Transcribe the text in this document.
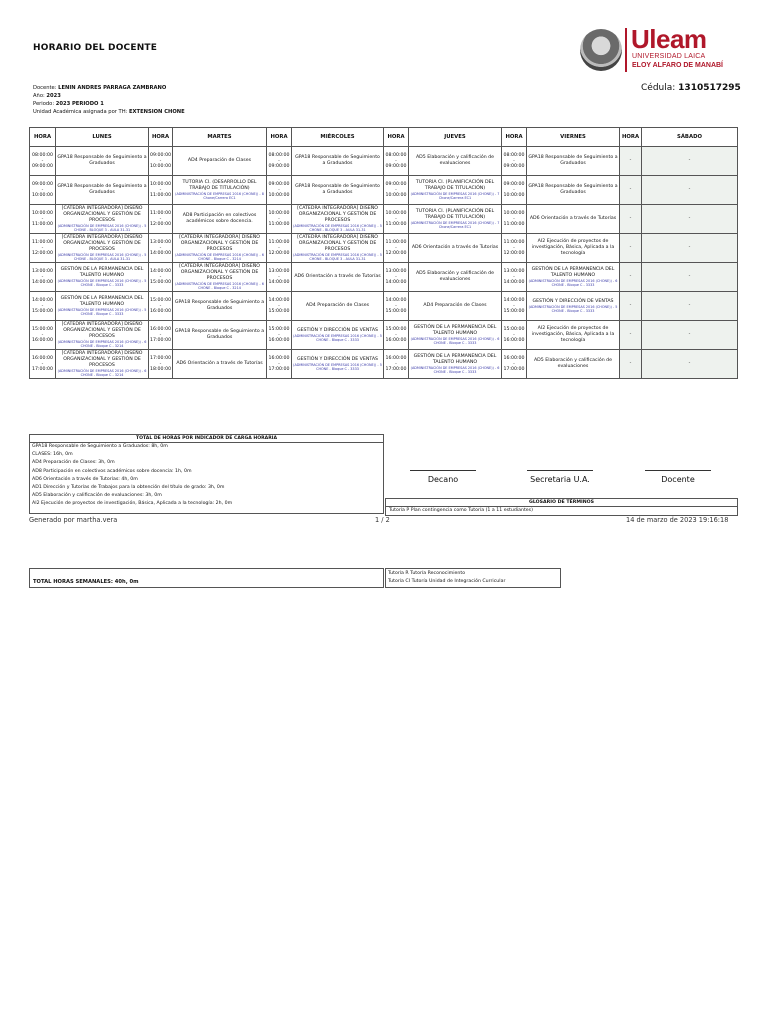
HORARIO DEL DOCENTE	Uleam
UNIVERSIDAD LAICA
ELOY ALFARO DE MANABÍ
Docente: LENIN ANDRES PARRAGA ZAMBRANO
Año: 2023
Periodo: 2023 PERIODO 1
Unidad Académica asignada por TH: EXTENSION CHONE
Cédula: 1310517295
HORA	LUNES	HORA	MARTES	HORA	MIÉRCOLES	HORA	JUEVES	HORA	VIERNES	HORA	SÁBADO

08:00:00
-
09:00:00	GPA18 Responsable de Seguimiento a Graduados	09:00:00
-
10:00:00	AD4 Preparación de Clases	08:00:00
-
09:00:00	GPA18 Responsable de Seguimiento a Graduados	08:00:00
-
09:00:00	AD5 Elaboración y calificación de evaluaciones	08:00:00
-
09:00:00	GPA18 Responsable de Seguimiento a Graduados	-	-

09:00:00
-
10:00:00	GPA18 Responsable de Seguimiento a Graduados	10:00:00
-
11:00:00	TUTORIA CI. (DESARROLLO DEL TRABAJO DE TITULACIÓN)
(ADMINISTRACIÓN DE EMPRESAS 2016 (CHONE)) - 8
Chone/Carrera EC1	09:00:00
-
10:00:00	GPA18 Responsable de Seguimiento a Graduados	09:00:00
-
10:00:00	TUTORIA CI. (PLANIFICACIÓN DEL TRABAJO DE TITULACIÓN)
(ADMINISTRACIÓN DE EMPRESAS 2016 (CHONE)) - 7
Chone/Carrera EC1	09:00:00
-
10:00:00	GPA18 Responsable de Seguimiento a Graduados	-	-

10:00:00
-
11:00:00	[CATEDRA INTEGRADORA] DISEÑO ORGANIZACIONAL Y GESTIÓN DE PROCESOS
(ADMINISTRACIÓN DE EMPRESAS 2016 (CHONE)) - 5
CHONE - BLOQUE 3 - AULA 31-31	11:00:00
-
12:00:00	AD8 Participación en colectivos académicos sobre docencia.	10:00:00
-
11:00:00	[CATEDRA INTEGRADORA] DISEÑO ORGANIZACIONAL Y GESTIÓN DE PROCESOS
(ADMINISTRACIÓN DE EMPRESAS 2016 (CHONE)) - 5
CHONE - BLOQUE 3 - AULA 31-31	10:00:00
-
11:00:00	TUTORIA CI. (PLANIFICACIÓN DEL TRABAJO DE TITULACIÓN)
(ADMINISTRACIÓN DE EMPRESAS 2016 (CHONE)) - 7
Chone/Carrera EC1	10:00:00
-
11:00:00	AD6 Orientación a través de Tutorías	-	-

11:00:00
-
12:00:00	[CATEDRA INTEGRADORA] DISEÑO ORGANIZACIONAL Y GESTIÓN DE PROCESOS
(ADMINISTRACIÓN DE EMPRESAS 2016 (CHONE)) - 5
CHONE - BLOQUE 3 - AULA 31-31	13:00:00
-
14:00:00	[CATEDRA INTEGRADORA] DISEÑO ORGANIZACIONAL Y GESTIÓN DE PROCESOS
(ADMINISTRACIÓN DE EMPRESAS 2016 (CHONE)) - 6
CHONE - Bloque C - 3214	11:00:00
-
12:00:00	[CATEDRA INTEGRADORA] DISEÑO ORGANIZACIONAL Y GESTIÓN DE PROCESOS
(ADMINISTRACIÓN DE EMPRESAS 2016 (CHONE)) - 5
CHONE - BLOQUE 3 - AULA 31-31	11:00:00
-
12:00:00	AD6 Orientación a través de Tutorías	11:00:00
-
12:00:00	AI2 Ejecución de proyectos de investigación, Básica, Aplicada a la tecnología	-	-

13:00:00
-
14:00:00	GESTIÓN DE LA PERMANENCIA DEL TALENTO HUMANO
(ADMINISTRACIÓN DE EMPRESAS 2016 (CHONE)) - 5
CHONE - Bloque C - 3333	14:00:00
-
15:00:00	[CATEDRA INTEGRADORA] DISEÑO ORGANIZACIONAL Y GESTIÓN DE PROCESOS
(ADMINISTRACIÓN DE EMPRESAS 2016 (CHONE)) - 6
CHONE - Bloque C - 3214	13:00:00
-
14:00:00	AD6 Orientación a través de Tutorías	13:00:00
-
14:00:00	AD5 Elaboración y calificación de evaluaciones	13:00:00
-
14:00:00	GESTIÓN DE LA PERMANENCIA DEL TALENTO HUMANO
(ADMINISTRACIÓN DE EMPRESAS 2016 (CHONE)) - 6
CHONE - Bloque C - 3333	-	-

14:00:00
-
15:00:00	GESTIÓN DE LA PERMANENCIA DEL TALENTO HUMANO
(ADMINISTRACIÓN DE EMPRESAS 2016 (CHONE)) - 5
CHONE - Bloque C - 3333	15:00:00
-
16:00:00	GPA18 Responsable de Seguimiento a Graduados	14:00:00
-
15:00:00	AD4 Preparación de Clases	14:00:00
-
15:00:00	AD4 Preparación de Clases	14:00:00
-
15:00:00	GESTIÓN Y DIRECCIÓN DE VENTAS
(ADMINISTRACIÓN DE EMPRESAS 2016 (CHONE)) - 5
CHONE - Bloque C - 3333	-	-

15:00:00
-
16:00:00	[CATEDRA INTEGRADORA] DISEÑO ORGANIZACIONAL Y GESTIÓN DE PROCESOS
(ADMINISTRACIÓN DE EMPRESAS 2016 (CHONE)) - 6
CHONE - Bloque C - 3214	16:00:00
-
17:00:00	GPA18 Responsable de Seguimiento a Graduados	15:00:00
-
16:00:00	GESTIÓN Y DIRECCIÓN DE VENTAS
(ADMINISTRACIÓN DE EMPRESAS 2016 (CHONE)) - 5
CHONE - Bloque C - 3333	15:00:00
-
16:00:00	GESTIÓN DE LA PERMANENCIA DEL TALENTO HUMANO
(ADMINISTRACIÓN DE EMPRESAS 2016 (CHONE)) - 6
CHONE - Bloque C - 3333	15:00:00
-
16:00:00	AI2 Ejecución de proyectos de investigación, Básica, Aplicada a la tecnología	-	-

16:00:00
-
17:00:00	[CATEDRA INTEGRADORA] DISEÑO ORGANIZACIONAL Y GESTIÓN DE PROCESOS
(ADMINISTRACIÓN DE EMPRESAS 2016 (CHONE)) - 6
CHONE - Bloque C - 3214	17:00:00
-
18:00:00	AD6 Orientación a través de Tutorías	16:00:00
-
17:00:00	GESTIÓN Y DIRECCIÓN DE VENTAS
(ADMINISTRACIÓN DE EMPRESAS 2016 (CHONE)) - 5
CHONE - Bloque C - 3333	16:00:00
-
17:00:00	GESTIÓN DE LA PERMANENCIA DEL TALENTO HUMANO
(ADMINISTRACIÓN DE EMPRESAS 2016 (CHONE)) - 6
CHONE - Bloque C - 3333	16:00:00
-
17:00:00	AD5 Elaboración y calificación de evaluaciones	-	-
TOTAL DE HORAS POR INDICADOR DE CARGA HORARIA
GPA18 Responsable de Seguimiento a Graduados: 8h, 0m
CLASES: 16h, 0m
AD4 Preparación de Clases: 3h, 0m
AD8 Participación en colectivos académicos sobre docencia: 1h, 0m
AD6 Orientación a través de Tutorías: 4h, 0m
AD1 Dirección y Tutorías de Trabajos para la obtención del título de grado: 3h, 0m
AD5 Elaboración y calificación de evaluaciones: 3h, 0m
AI2 Ejecución de proyectos de investigación, Básica, Aplicada a la tecnología: 2h, 0m
Decano	Secretaria U.A.	Docente
GLOSARIO DE TÉRMINOS
Tutoría P Plan contingencia como Tutoría (1 a 11 estudiantes)
Generado por martha.vera	1 / 2	14 de marzo de 2023 19:16:18
TOTAL HORAS SEMANALES: 40h, 0m
Tutoría R Tutoría Reconocimiento
Tutoría CI Tutoría Unidad de Integración Curricular
